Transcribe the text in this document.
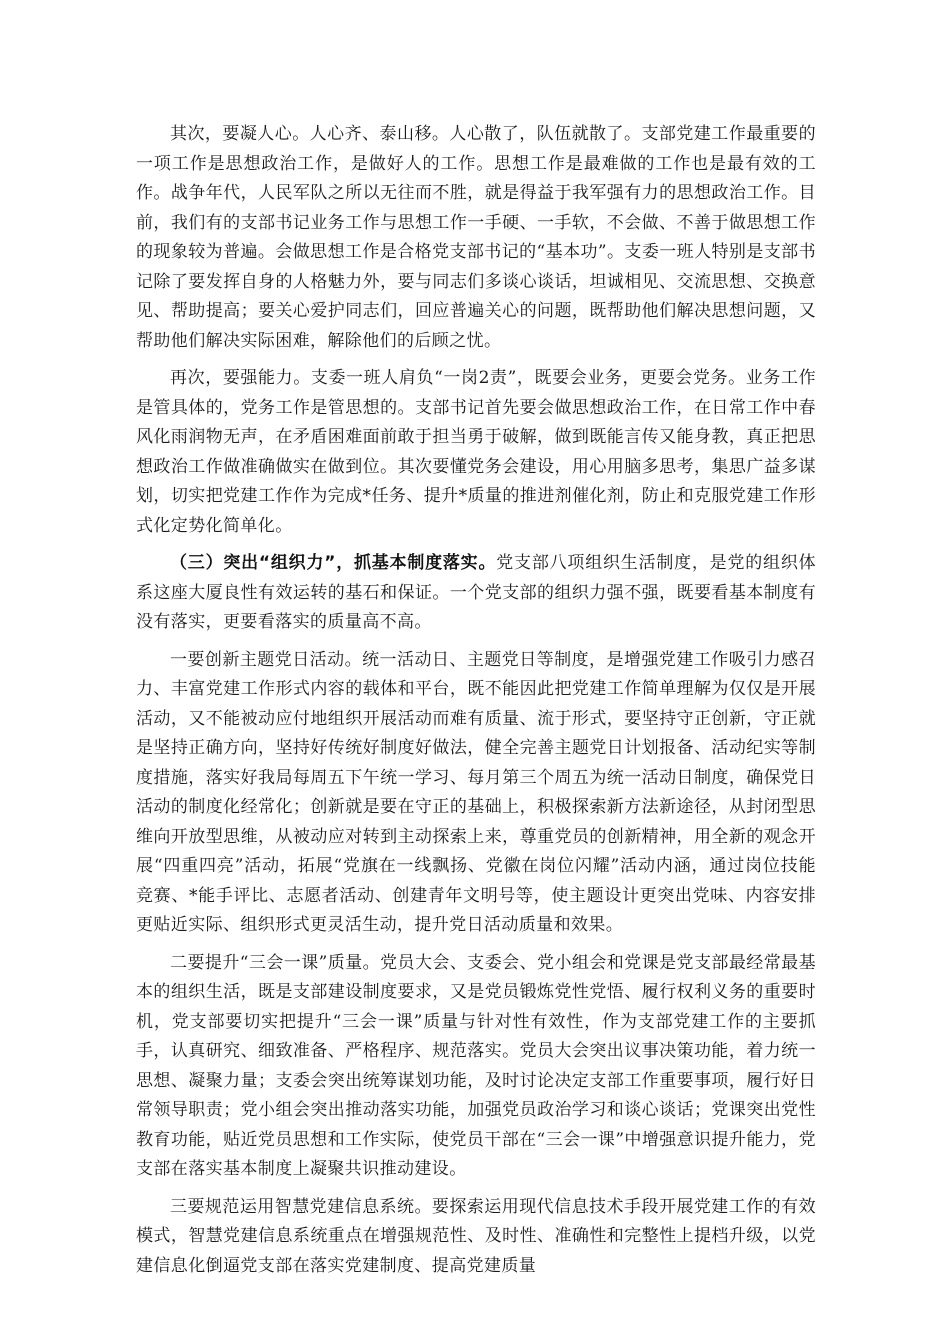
其次，要凝人心。人心齐、泰山移。人心散了，队伍就散了。支部党建工作最重要的一项工作是思想政治工作，是做好人的工作。思想工作是最难做的工作也是最有效的工作。战争年代，人民军队之所以无往而不胜，就是得益于我军强有力的思想政治工作。目前，我们有的支部书记业务工作与思想工作一手硬、一手软，不会做、不善于做思想工作的现象较为普遍。会做思想工作是合格党支部书记的“基本功”。支委一班人特别是支部书记除了要发挥自身的人格魅力外，要与同志们多谈心谈话，坦诚相见、交流思想、交换意见、帮助提高；要关心爱护同志们，回应普遍关心的问题，既帮助他们解决思想问题，又帮助他们解决实际困难，解除他们的后顾之忧。

再次，要强能力。支委一班人肩负“一岗2责”，既要会业务，更要会党务。业务工作是管具体的，党务工作是管思想的。支部书记首先要会做思想政治工作，在日常工作中春风化雨润物无声，在矛盾困难面前敢于担当勇于破解，做到既能言传又能身教，真正把思想政治工作做准确做实在做到位。其次要懂党务会建设，用心用脑多思考，集思广益多谋划，切实把党建工作作为完成*任务、提升*质量的推进剂催化剂，防止和克服党建工作形式化定势化简单化。

（三）突出“组织力”，抓基本制度落实。党支部八项组织生活制度，是党的组织体系这座大厦良性有效运转的基石和保证。一个党支部的组织力强不强，既要看基本制度有没有落实，更要看落实的质量高不高。

一要创新主题党日活动。统一活动日、主题党日等制度，是增强党建工作吸引力感召力、丰富党建工作形式内容的载体和平台，既不能因此把党建工作简单理解为仅仅是开展活动，又不能被动应付地组织开展活动而难有质量、流于形式，要坚持守正创新，守正就是坚持正确方向，坚持好传统好制度好做法，健全完善主题党日计划报备、活动纪实等制度措施，落实好我局每周五下午统一学习、每月第三个周五为统一活动日制度，确保党日活动的制度化经常化；创新就是要在守正的基础上，积极探索新方法新途径，从封闭型思维向开放型思维，从被动应对转到主动探索上来，尊重党员的创新精神，用全新的观念开展“四重四亮”活动，拓展“党旗在一线飘扬、党徽在岗位闪耀”活动内涵，通过岗位技能竞赛、*能手评比、志愿者活动、创建青年文明号等，使主题设计更突出党味、内容安排更贴近实际、组织形式更灵活生动，提升党日活动质量和效果。

二要提升“三会一课”质量。党员大会、支委会、党小组会和党课是党支部最经常最基本的组织生活，既是支部建设制度要求，又是党员锻炼党性党悟、履行权利义务的重要时机，党支部要切实把提升“三会一课”质量与针对性有效性，作为支部党建工作的主要抓手，认真研究、细致准备、严格程序、规范落实。党员大会突出议事决策功能，着力统一思想、凝聚力量；支委会突出统筹谋划功能，及时讨论决定支部工作重要事项，履行好日常领导职责；党小组会突出推动落实功能，加强党员政治学习和谈心谈话；党课突出党性教育功能，贴近党员思想和工作实际，使党员干部在“三会一课”中增强意识提升能力，党支部在落实基本制度上凝聚共识推动建设。

三要规范运用智慧党建信息系统。要探索运用现代信息技术手段开展党建工作的有效模式，智慧党建信息系统重点在增强规范性、及时性、准确性和完整性上提档升级，以党建信息化倒逼党支部在落实党建制度、提高党建质量
